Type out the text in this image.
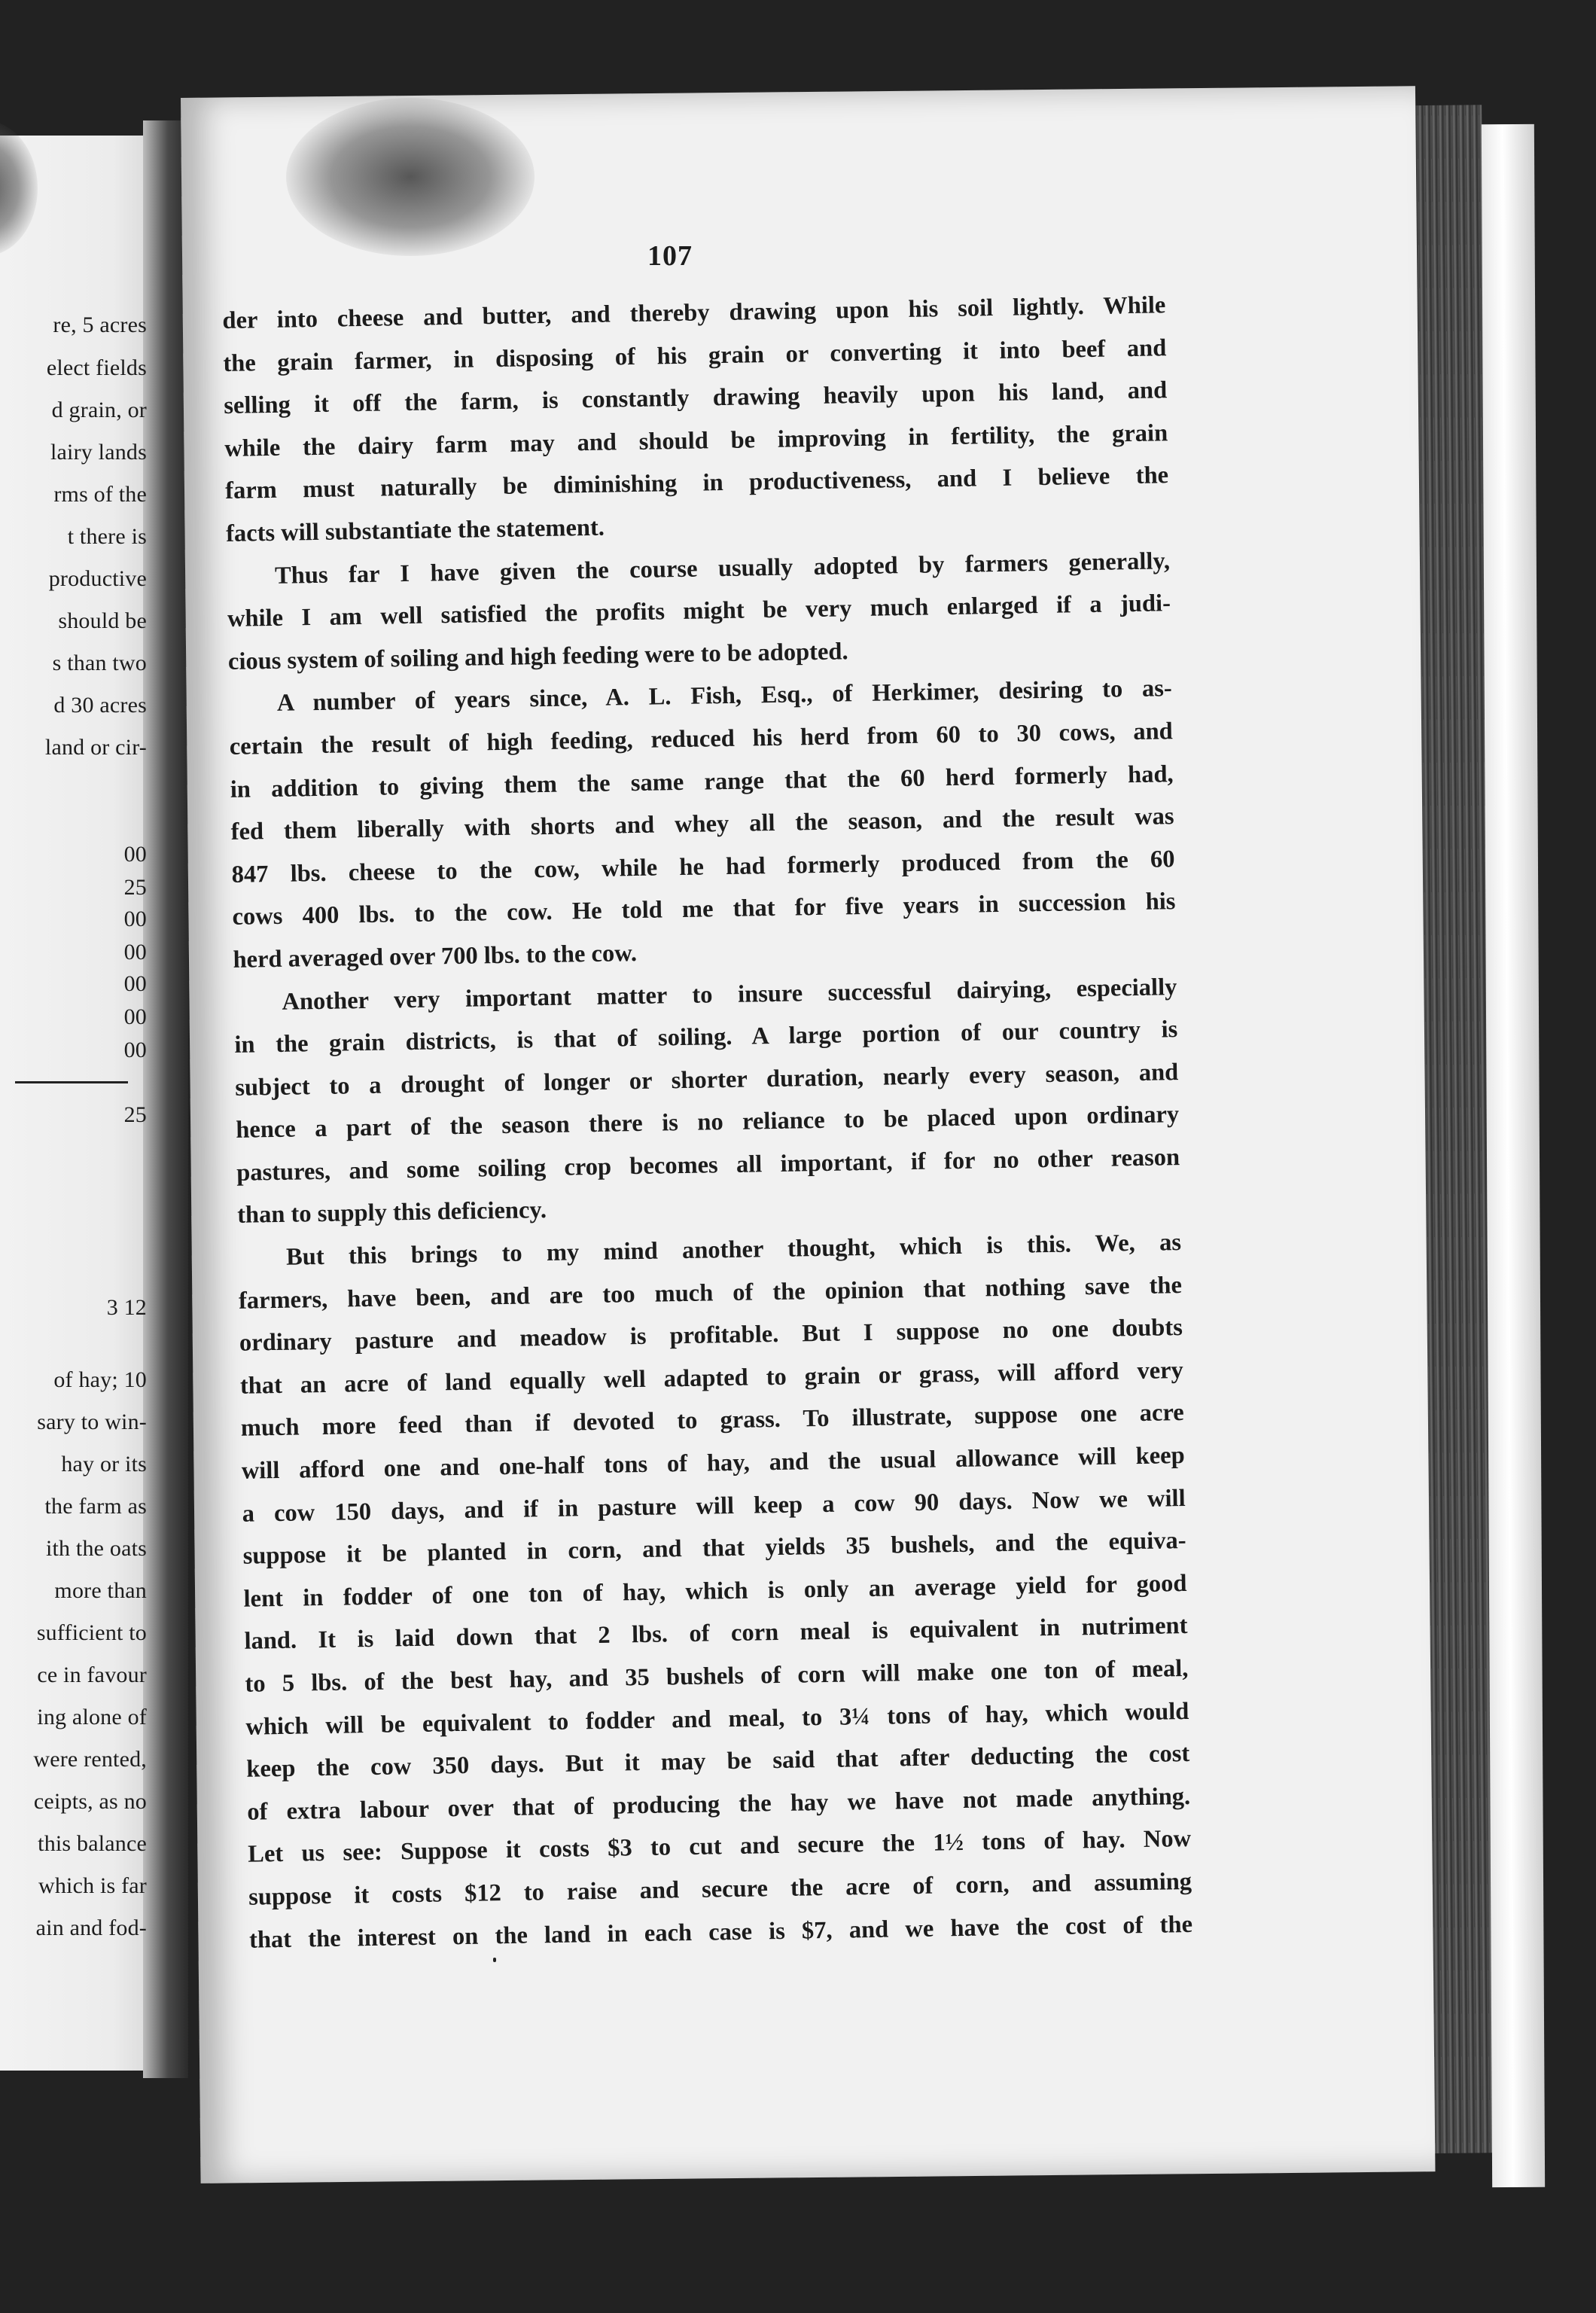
re, 5 acres

elect fields

d grain, or

lairy lands

rms of the

t there is

productive

should be

s than two

d 30 acres

land or cir-

00

25

00

00

00

00

00

25

3 12

of hay; 10

sary to win-

hay or its

the farm as

ith the oats

more than

sufficient to

ce in favour

ing alone of

were rented,

ceipts, as no

this balance

which is far

ain and fod-

107
der into cheese and butter, and thereby drawing upon his soil lightly. While
the grain farmer, in disposing of his grain or converting it into beef and
selling it off the farm, is constantly drawing heavily upon his land, and
while the dairy farm may and should be improving in fertility, the grain
farm must naturally be diminishing in productiveness, and I believe the
facts will substantiate the statement.
Thus far I have given the course usually adopted by farmers generally,
while I am well satisfied the profits might be very much enlarged if a judi-
cious system of soiling and high feeding were to be adopted.
A number of years since, A. L. Fish, Esq., of Herkimer, desiring to as-
certain the result of high feeding, reduced his herd from 60 to 30 cows, and
in addition to giving them the same range that the 60 herd formerly had,
fed them liberally with shorts and whey all the season, and the result was
847 lbs. cheese to the cow, while he had formerly produced from the 60
cows 400 lbs. to the cow. He told me that for five years in succession his
herd averaged over 700 lbs. to the cow.
Another very important matter to insure successful dairying, especially
in the grain districts, is that of soiling. A large portion of our country is
subject to a drought of longer or shorter duration, nearly every season, and
hence a part of the season there is no reliance to be placed upon ordinary
pastures, and some soiling crop becomes all important, if for no other reason
than to supply this deficiency.
But this brings to my mind another thought, which is this. We, as
farmers, have been, and are too much of the opinion that nothing save the
ordinary pasture and meadow is profitable. But I suppose no one doubts
that an acre of land equally well adapted to grain or grass, will afford very
much more feed than if devoted to grass. To illustrate, suppose one acre
will afford one and one-half tons of hay, and the usual allowance will keep
a cow 150 days, and if in pasture will keep a cow 90 days. Now we will
suppose it be planted in corn, and that yields 35 bushels, and the equiva-
lent in fodder of one ton of hay, which is only an average yield for good
land. It is laid down that 2 lbs. of corn meal is equivalent in nutriment
to 5 lbs. of the best hay, and 35 bushels of corn will make one ton of meal,
which will be equivalent to fodder and meal, to 3¼ tons of hay, which would
keep the cow 350 days. But it may be said that after deducting the cost
of extra labour over that of producing the hay we have not made anything.
Let us see: Suppose it costs $3 to cut and secure the 1½ tons of hay. Now
suppose it costs $12 to raise and secure the acre of corn, and assuming
that the interest on the land in each case is $7, and we have the cost of the
